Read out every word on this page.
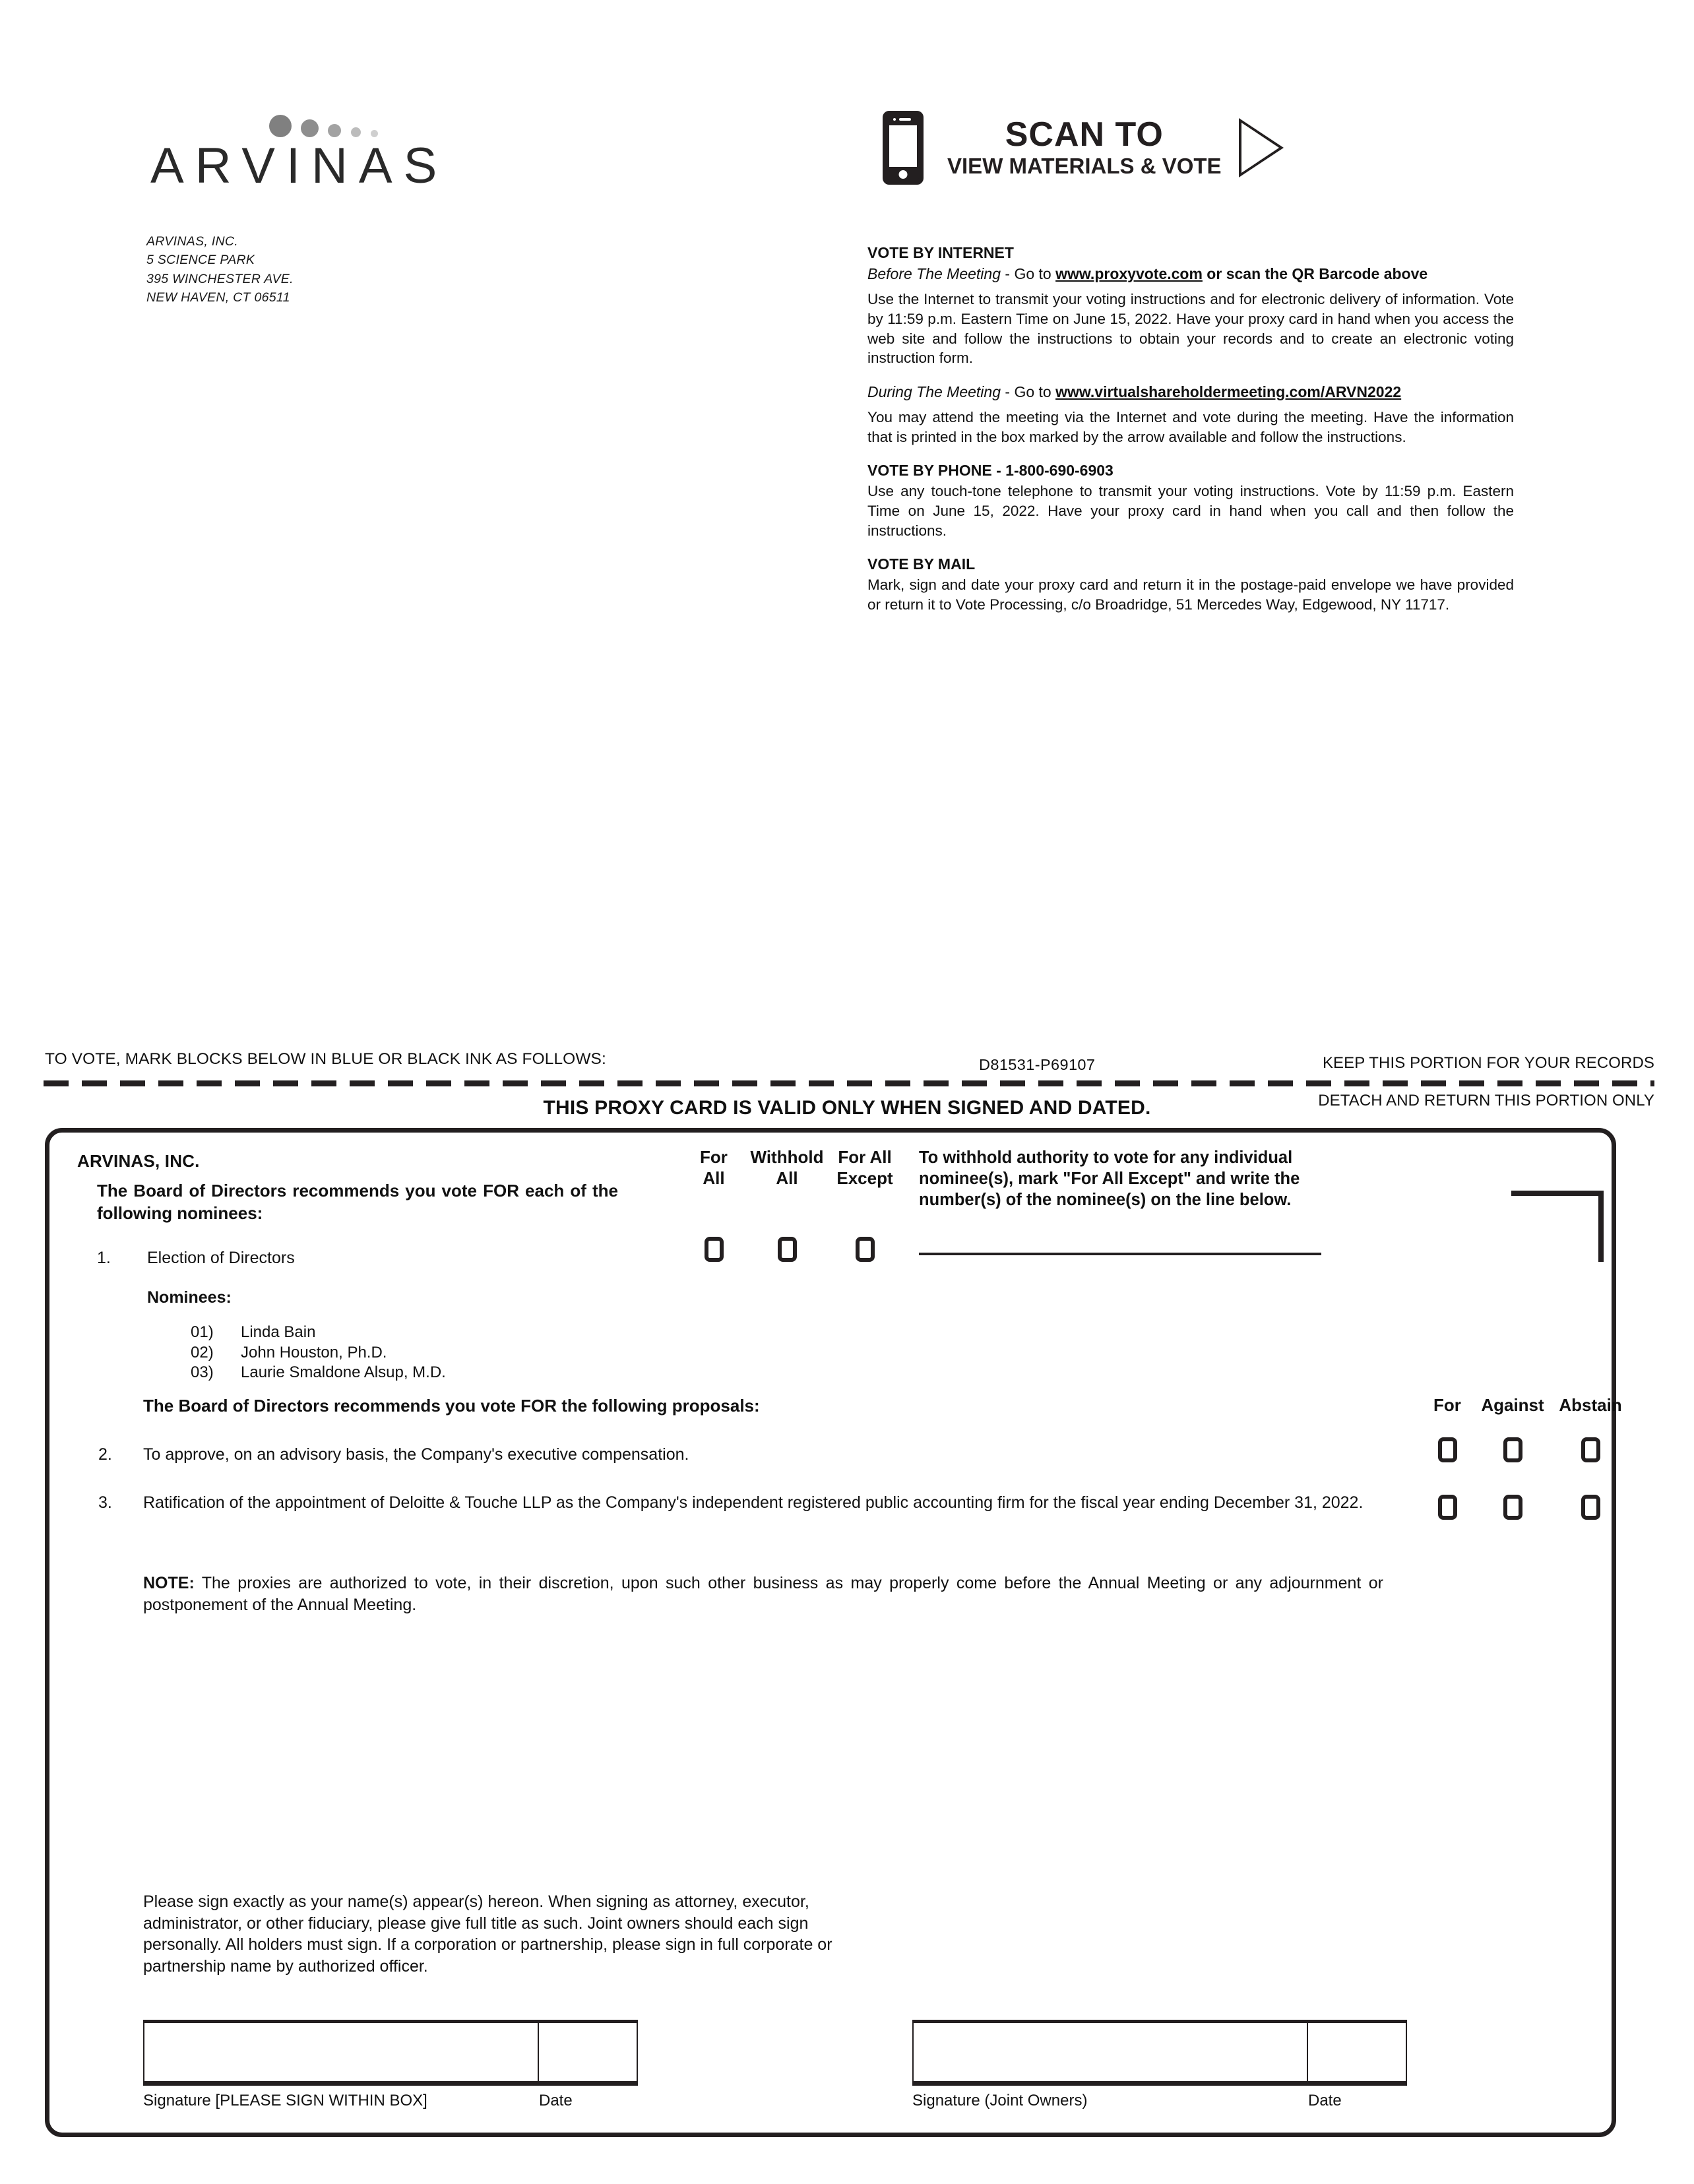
ARVINAS
ARVINAS, INC.
5 SCIENCE PARK
395 WINCHESTER AVE.
NEW HAVEN, CT 06511
SCAN TO
VIEW MATERIALS & VOTE
VOTE BY INTERNET
Before The Meeting - Go to www.proxyvote.com or scan the QR Barcode above
Use the Internet to transmit your voting instructions and for electronic delivery of information. Vote by 11:59 p.m. Eastern Time on June 15, 2022. Have your proxy card in hand when you access the web site and follow the instructions to obtain your records and to create an electronic voting instruction form.
During The Meeting - Go to www.virtualshareholdermeeting.com/ARVN2022
You may attend the meeting via the Internet and vote during the meeting. Have the information that is printed in the box marked by the arrow available and follow the instructions.
VOTE BY PHONE - 1-800-690-6903
Use any touch-tone telephone to transmit your voting instructions. Vote by 11:59 p.m. Eastern Time on June 15, 2022. Have your proxy card in hand when you call and then follow the instructions.
VOTE BY MAIL
Mark, sign and date your proxy card and return it in the postage-paid envelope we have provided or return it to Vote Processing, c/o Broadridge, 51 Mercedes Way, Edgewood, NY 11717.
TO VOTE, MARK BLOCKS BELOW IN BLUE OR BLACK INK AS FOLLOWS:	D81531-P69107	KEEP THIS PORTION FOR YOUR RECORDS
DETACH AND RETURN THIS PORTION ONLY
THIS PROXY CARD IS VALID ONLY WHEN SIGNED AND DATED.
ARVINAS, INC.
The Board of Directors recommends you vote FOR each of the following nominees:
For
All
Withhold
All
For All
Except
To withhold authority to vote for any individual nominee(s), mark "For All Except" and write the number(s) of the nominee(s) on the line below.
1. Election of Directors
Nominees:
01)	Linda Bain
02)	John Houston, Ph.D.
03)	Laurie Smaldone Alsup, M.D.
The Board of Directors recommends you vote FOR the following proposals:	For	Against Abstain
2. To approve, on an advisory basis, the Company's executive compensation.
3. Ratification of the appointment of Deloitte & Touche LLP as the Company's independent registered public accounting firm for the fiscal year ending December 31, 2022.
NOTE: The proxies are authorized to vote, in their discretion, upon such other business as may properly come before the Annual Meeting or any adjournment or postponement of the Annual Meeting.
Please sign exactly as your name(s) appear(s) hereon. When signing as attorney, executor, administrator, or other fiduciary, please give full title as such. Joint owners should each sign personally. All holders must sign. If a corporation or partnership, please sign in full corporate or partnership name by authorized officer.
Signature [PLEASE SIGN WITHIN BOX]	Date	Signature (Joint Owners)	Date
